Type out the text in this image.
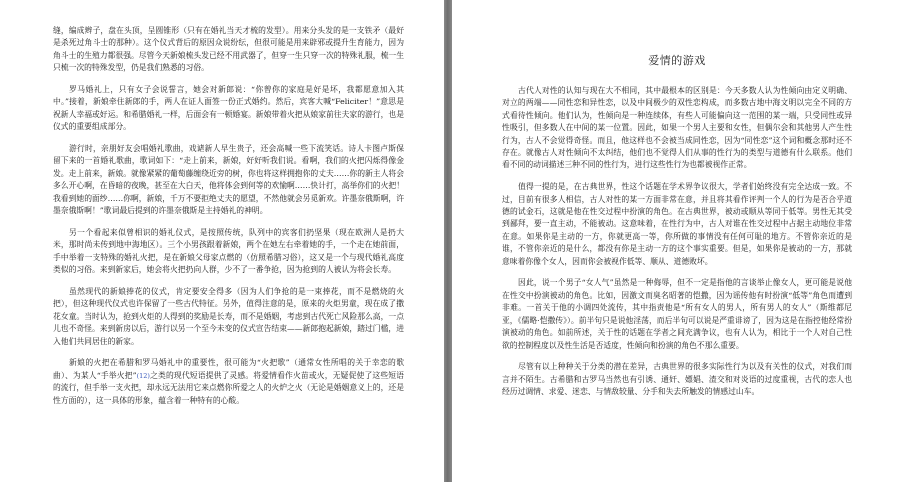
缝，编成辫子，盘在头顶，呈圆锥形（只有在婚礼当天才梳的发型）。用来分头发的是一支铁矛（最好是杀死过角斗士的那种）。这个仪式背后的原因众说纷纭，但很可能是用来辟邪或提升生育能力，因为角斗士的生殖力都很强。尽管今天新娘梳头发已经不用武器了，但穿一生只穿一次的特殊礼服，梳一生只梳一次的特殊发型，仍是我们熟悉的习俗。

罗马婚礼上，只有女子会说誓言，她会对新郎说：“你曾你的家庭是好是坏，我都愿意加入其中。”接着，新娘牵住新郎的手，两人在证人面签一份正式婚约。然后，宾客大喊“Feliciter！”意思是祝新人幸福或好运。和希腊婚礼一样，后面会有一顿婚宴。新娘带着火把从娘家前往夫家的游行，也是仪式的重要组成部分。

游行时，亲朋好友会唱婚礼歌曲，戏谑新人早生贵子，还会高喊一些下流笑话。诗人卡图卢斯保留下来的一首婚礼歌曲，歌词如下：“走上前来，新娘，好好听我们说。看啊，我们的火把闪烁得像金发。走上前来，新娘。就像紧紧的葡萄藤缠绕近旁的树，你也将这样拥抱你的丈夫……你的新主人将会多么开心啊，在昏暗的夜晚，甚至在大白天，他将体会到何等的欢愉啊……快计打，高举你们的火把！我看到她的面纱……你啊，新娘，千万不要拒绝丈夫的愿望，不然他就会另觅新欢。许墨奈俄斯啊，许墨奈俄斯啊！”歌词最后提到的许墨奈俄斯是主持婚礼的神明。

另一个看起来似曾相识的婚礼仪式，是按照传统，队列中的宾客们扔坚果（现在欧洲人是扔大米，那时尚未传到地中海地区）。三个小男孩跟着新娘，两个在她左右牵着她的手，一个走在她前面，手中举着一支特殊的婚礼火把，是在新娘父母家点燃的（仿照希腊习俗），这又是一个与现代婚礼高度类似的习俗。来到新家后，她会将火把扔向人群，少不了一番争抢，因为抢到的人被认为将会长寿。

虽然现代的新娘捧花的仪式，肯定要安全得多（因为人们争抢的是一束捧花，而不是燃烧的火把），但这种现代仪式也许保留了一些古代特征。另外，值得注意的是，原来的火炬男童，现在成了撒花女童。当时认为，抢到火炬的人得到的奖励是长寿，而不是婚姻，考虑到古代死亡风险那么高，一点儿也不奇怪。来到新房以后，游行以另一个至今未变的仪式宣告结束——新郎抱起新娘，踏过门槛，进入他们共同居住的新家。

新娘的火把在希腊和罗马婚礼中的重要性，很可能为“火把歌”（通常女性所唱的关于幸恋的歌曲）、为某人“手举火把”(12)之类的现代短语提供了灵感。将爱情看作火苗或火，无疑促使了这些短语的流行，但手举一支火把，却永远无法用它来点燃你所爱之人的火炉之火（无论是婚姻意义上的，还是性方面的），这一具体的形象，蕴含着一种特有的心酸。

爱情的游戏

古代人对性的认知与现在大不相同，其中最根本的区别是：今天多数人认为性倾向由定义明确、对立的两端——同性恋和异性恋，以及中间极少的双性恋构成，而多数古地中海文明以完全不同的方式看待性倾向。他们认为，性倾向是一种连续体，有些人可能偏向这一范围的某一端，只受同性或异性吸引，但多数人在中间的某一位置。因此，如果一个男人主要和女性，但偶尔会和其他男人产生性行为，古人不会觉得奇怪。而且，他这样也不会被当成同性恋，因为“同性恋”这个词和概念那时还不存在。就像古人对性倾向不太纠结，他们也不觉得人们从事的性行为的类型与道德有什么联系。他们看不同的动词描述三种不同的性行为，进行这些性行为也都被视作正常。

值得一提的是，在古典世界，性这个话题在学术界争议很大，学者们始终没有完全达成一致。不过，目前有很多人相信，古人对性的某一方面非常在意，并且将其看作评判一个人的行为是否合乎道德的试金石，这就是他在性交过程中扮演的角色。在古典世界，被动或顺从等同于低等。男性无其受到鄙拜，要一直主动，不能被动。这意味着，在性行为中，古人对谁在性交过程中占据主动地位非常在意。如果你是主动的一方，你就更高一等，你所做的事情没有任何可耻的地方。不管你亲近的是谁，不管你亲近的是什么，都没有你是主动一方的这个事实重要。但是，如果你是被动的一方，那就意味着你像个女人，因而你会被视作低等、顺从、道德败坏。

因此，说一个男子“女人气”虽然是一种侮辱，但不一定是指他的言谈举止像女人，更可能是说他在性交中扮演被动的角色。比如，因激文而臭名昭著的恺撒，因为谣传他有时扮演“低等”角色而遭到非难。一首关于他的小调四处流传，其中指责他是“所有女人的男人，所有男人的女人”（斯维都尼亚，《儒略·恺撒传》）。前半句只是说他淫荡，而后半句可以说是严重诽谤了，因为这是在指控他经常扮演被动的角色。如前所述，关于性的话题在学者之间充满争议，也有人认为，相比于一个人对自己性欲的控制程度以及性生活是否适度，性倾向和扮演的角色不那么重要。

尽管有以上种种关于分类的潜在差异，古典世界的很多实际性行为以及有关性的仪式，对我们而言并不陌生。古希腊和古罗马当然也有引诱、通奸、嫖娼、渣交和对炎语的过度重视，古代的恋人也经历过调情、求爱、迷恋、与情敌较量、分手和失去所触发的情感过山车。
